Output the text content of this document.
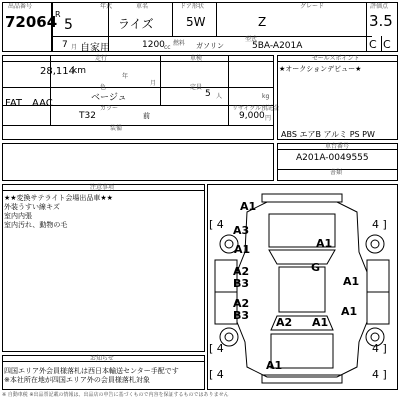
出品番号
72064
R
5
年式	車名
ライズ
ドア形状
5W
グレード
Z
評価点
3.5
7 月 自家用	1200 cc
燃料 ガソリン
型式
5BA-A201A	C C
走行	車検
28,114
km
年
月
色	定員
ベージュ	5 人	kg
FAT AAC	カラー	リサイクル預託金
T32	前	9,000 円
装備
セールスポイント
★オークションデビュー★
ABS エアB アルミ PS PW
車台番号
A201A-0049555
書類
注意事項
★★変換サテライト会場出品車★★
外装うすい線キズ
室内内張
室内汚れ、動物の毛
お知らせ
四国エリア外会員様落札は西日本輸送センター手配です
※本社所在地が四国エリア外の会員様落札対象
※ 自動車税 ※出品票記載の情報は、出品店の申告に基づくもので内容を保証するものではありません
A1
A3
A1	A1
G
A2
B3	A1
A2
B3
A2
A1
A1
A1
[ 4	4 ]
[ 4	4 ]
[ 4	4 ]
